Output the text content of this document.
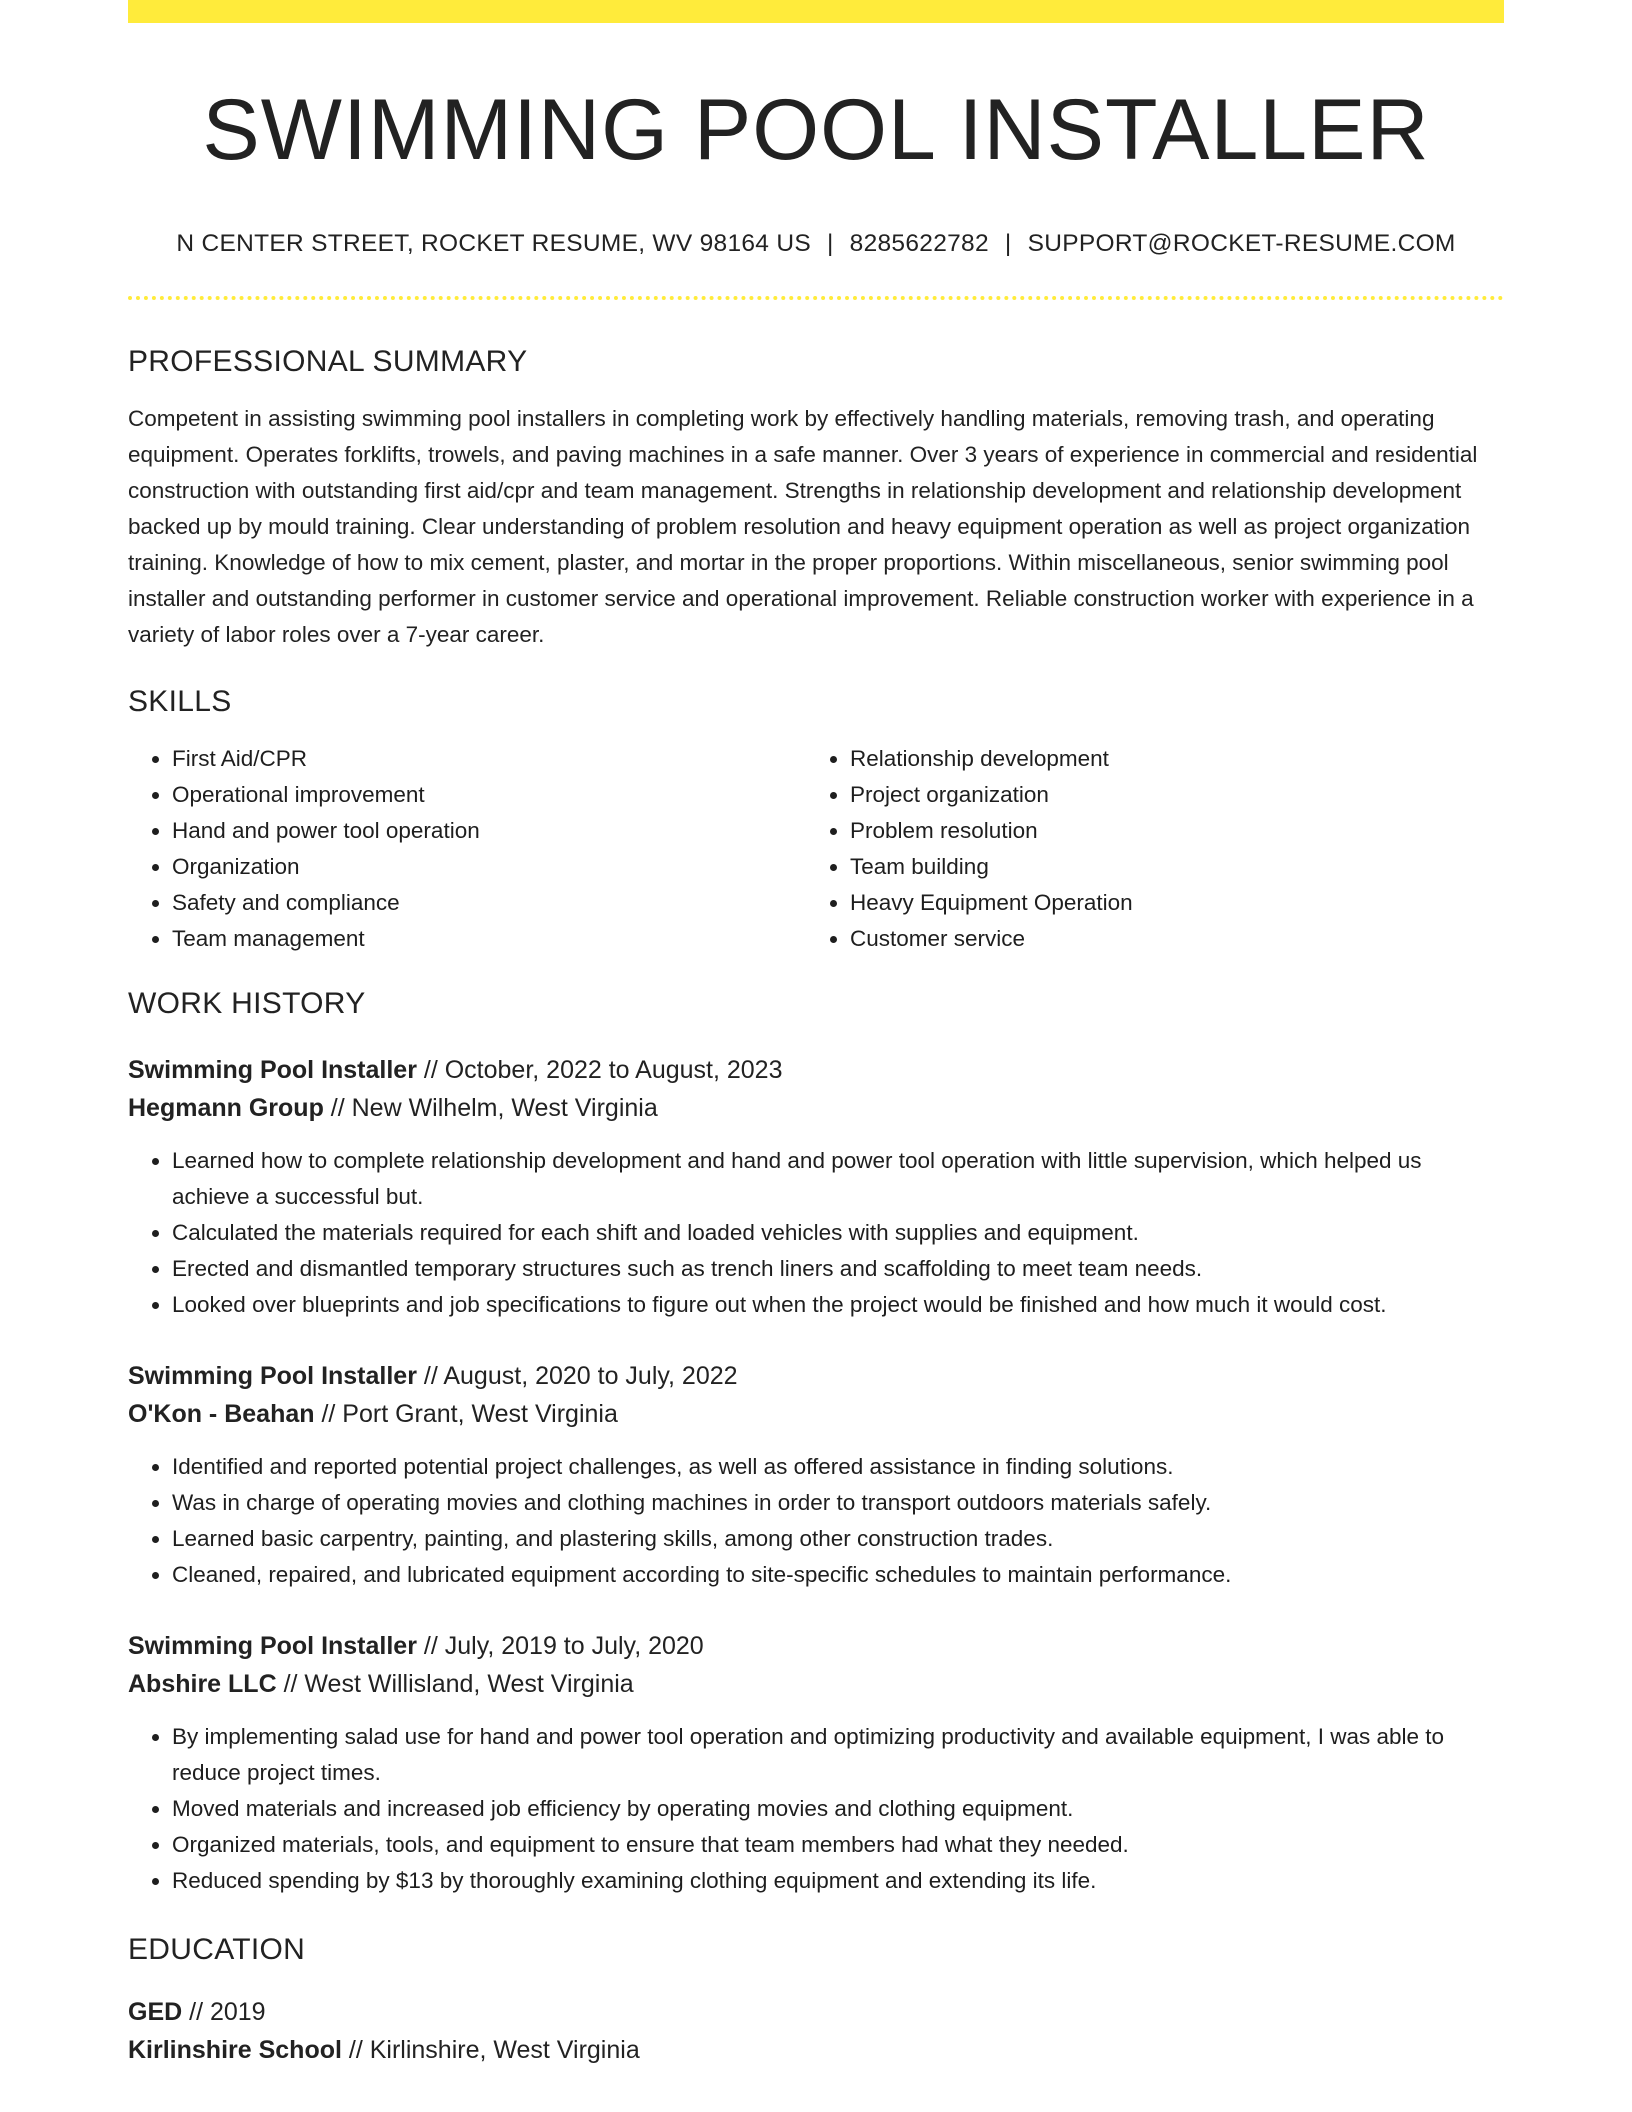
SWIMMING POOL INSTALLER
N CENTER STREET, ROCKET RESUME, WV 98164 US | 8285622782 | SUPPORT@ROCKET-RESUME.COM
PROFESSIONAL SUMMARY
Competent in assisting swimming pool installers in completing work by effectively handling materials, removing trash, and operating equipment. Operates forklifts, trowels, and paving machines in a safe manner. Over 3 years of experience in commercial and residential construction with outstanding first aid/cpr and team management. Strengths in relationship development and relationship development backed up by mould training. Clear understanding of problem resolution and heavy equipment operation as well as project organization training. Knowledge of how to mix cement, plaster, and mortar in the proper proportions. Within miscellaneous, senior swimming pool installer and outstanding performer in customer service and operational improvement. Reliable construction worker with experience in a variety of labor roles over a 7-year career.
SKILLS
• First Aid/CPR
• Operational improvement
• Hand and power tool operation
• Organization
• Safety and compliance
• Team management
• Relationship development
• Project organization
• Problem resolution
• Team building
• Heavy Equipment Operation
• Customer service
WORK HISTORY
Swimming Pool Installer // October, 2022 to August, 2023
Hegmann Group // New Wilhelm, West Virginia
• Learned how to complete relationship development and hand and power tool operation with little supervision, which helped us achieve a successful but.
• Calculated the materials required for each shift and loaded vehicles with supplies and equipment.
• Erected and dismantled temporary structures such as trench liners and scaffolding to meet team needs.
• Looked over blueprints and job specifications to figure out when the project would be finished and how much it would cost.
Swimming Pool Installer // August, 2020 to July, 2022
O'Kon - Beahan // Port Grant, West Virginia
• Identified and reported potential project challenges, as well as offered assistance in finding solutions.
• Was in charge of operating movies and clothing machines in order to transport outdoors materials safely.
• Learned basic carpentry, painting, and plastering skills, among other construction trades.
• Cleaned, repaired, and lubricated equipment according to site-specific schedules to maintain performance.
Swimming Pool Installer // July, 2019 to July, 2020
Abshire LLC // West Willisland, West Virginia
• By implementing salad use for hand and power tool operation and optimizing productivity and available equipment, I was able to reduce project times.
• Moved materials and increased job efficiency by operating movies and clothing equipment.
• Organized materials, tools, and equipment to ensure that team members had what they needed.
• Reduced spending by $13 by thoroughly examining clothing equipment and extending its life.
EDUCATION
GED // 2019
Kirlinshire School // Kirlinshire, West Virginia
